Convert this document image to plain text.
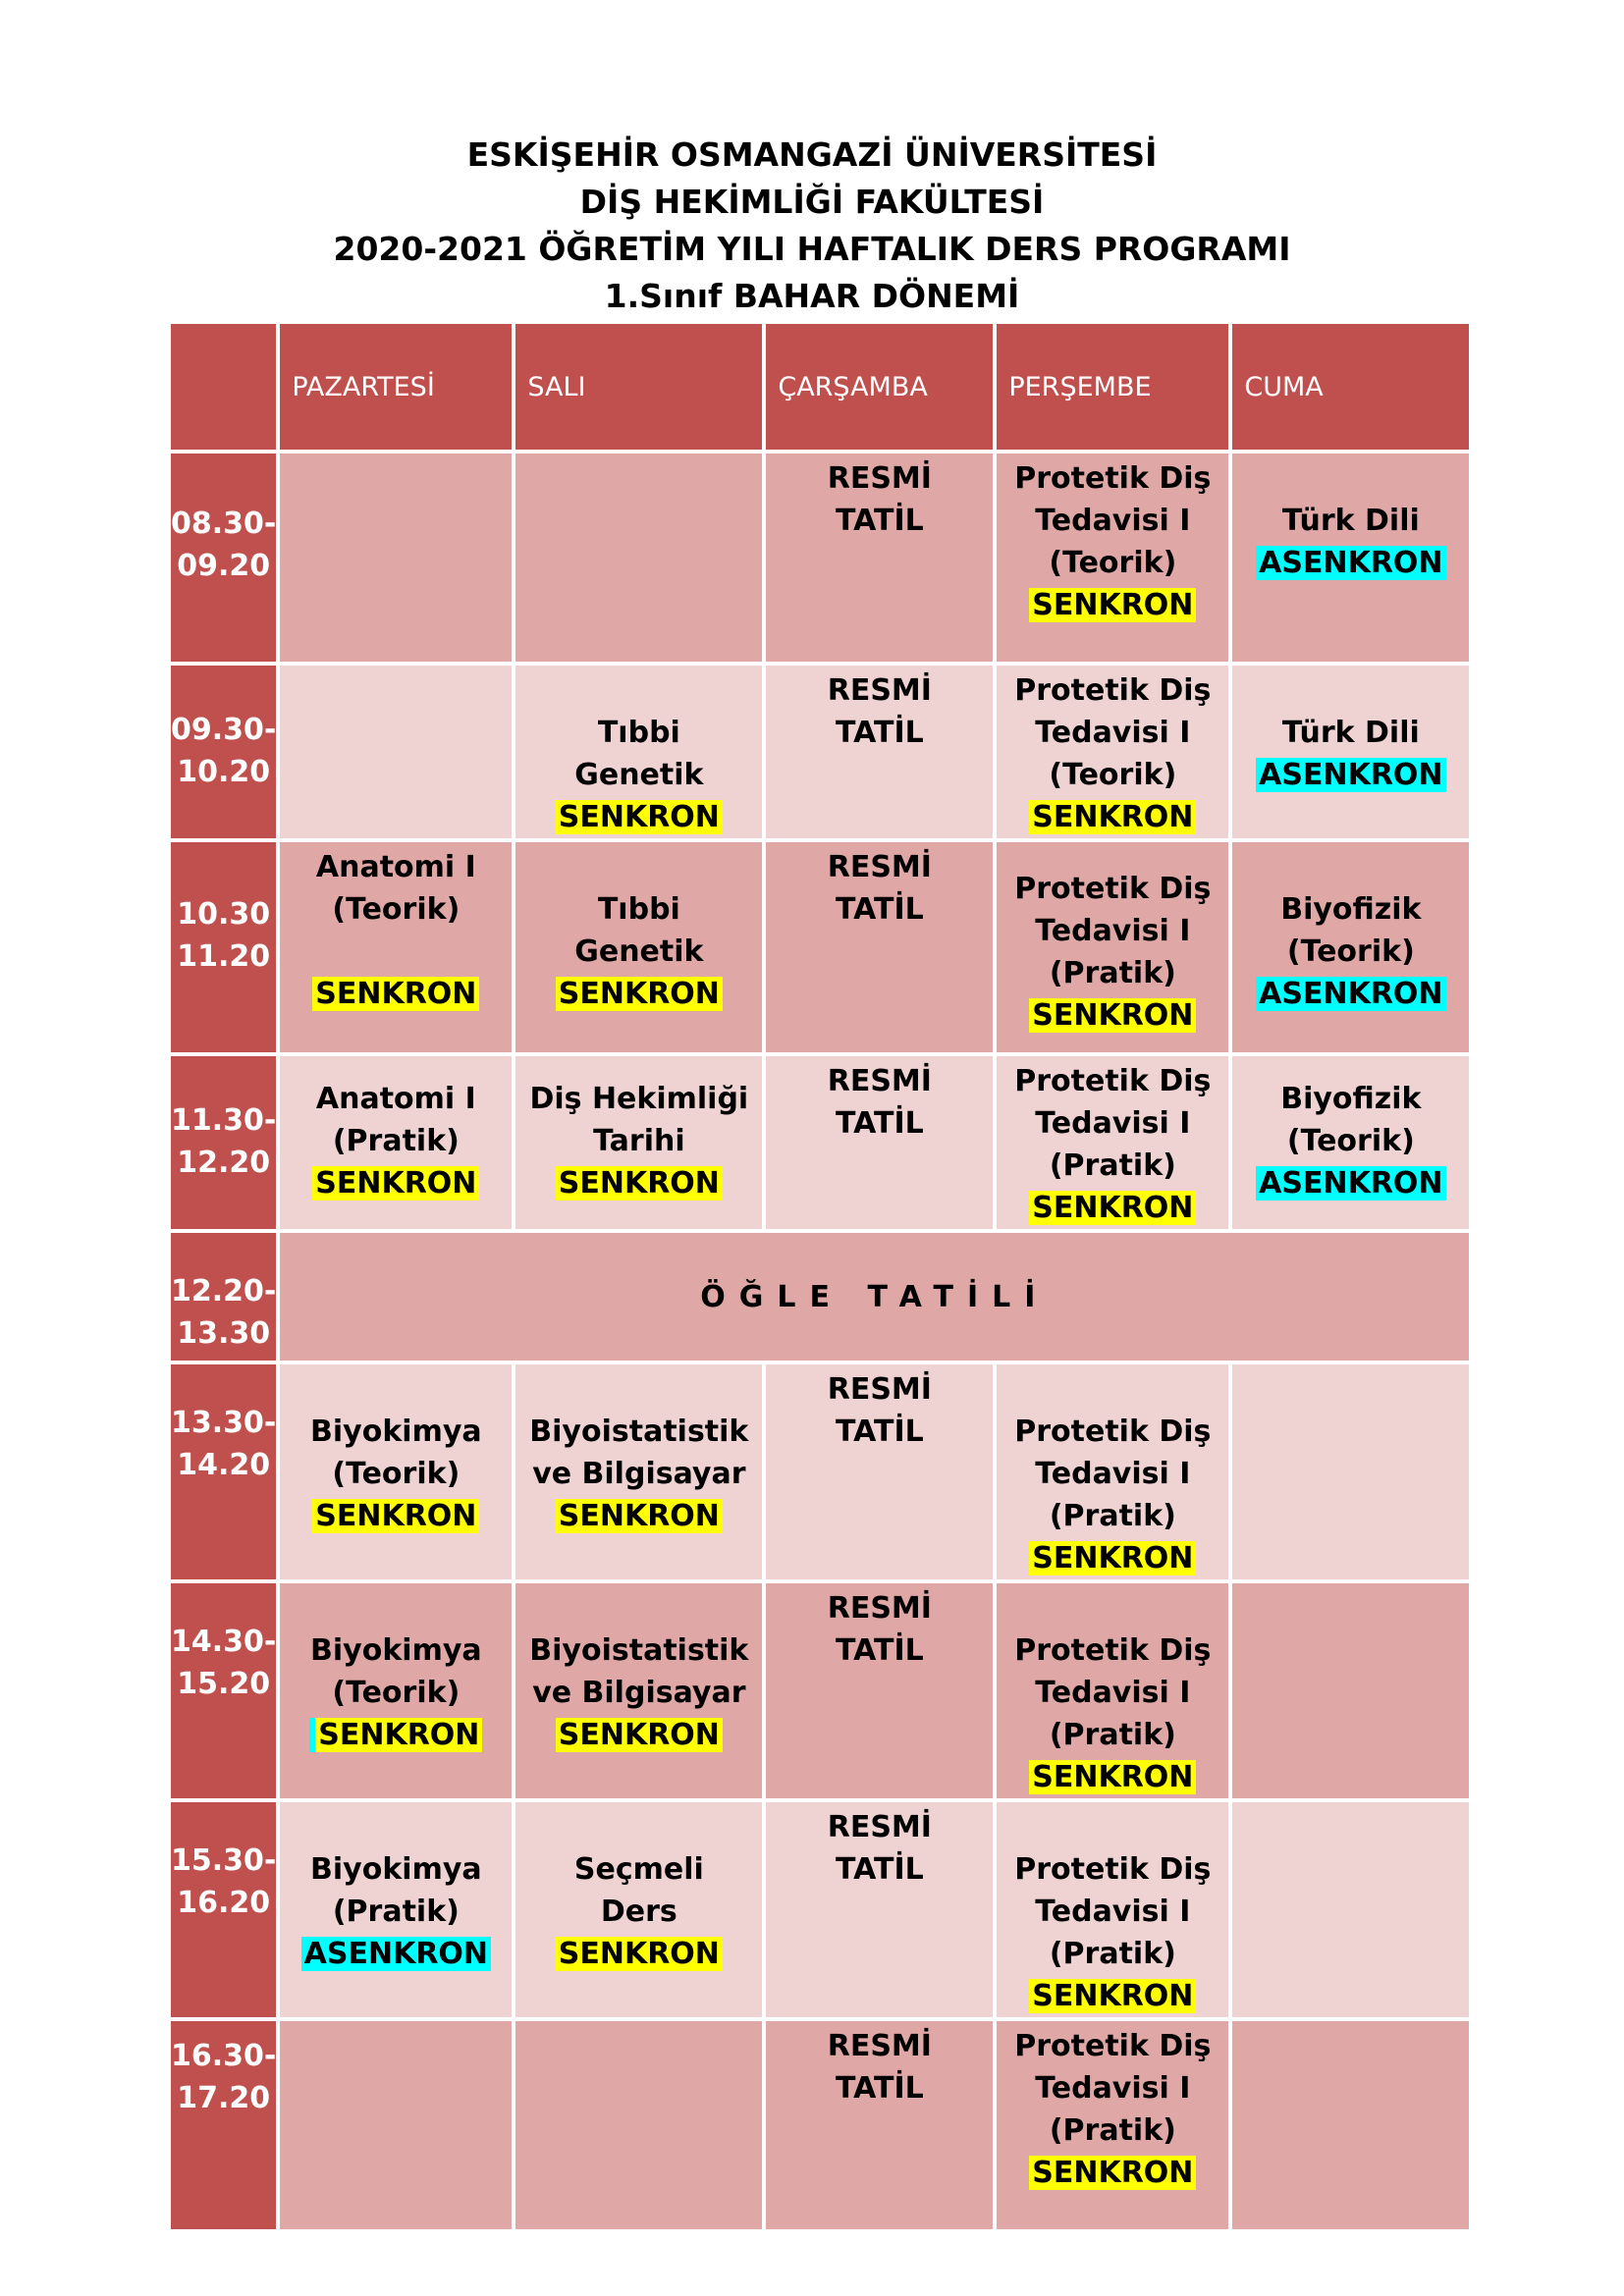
ESKİŞEHİR OSMANGAZİ ÜNİVERSİTESİ
DİŞ HEKİMLİĞİ FAKÜLTESİ
2020-2021 ÖĞRETİM YILI HAFTALIK DERS PROGRAMI
1.Sınıf BAHAR DÖNEMİ
	PAZARTESİ	SALI	ÇARŞAMBA	PERŞEMBE	CUMA

08.30-
09.20			RESMİ
TATİL	Protetik Diş
Tedavisi I
(Teorik)
SENKRON	Türk Dili
ASENKRON

09.30-
10.20		Tıbbi
Genetik
SENKRON	RESMİ
TATİL	Protetik Diş
Tedavisi I
(Teorik)
SENKRON	Türk Dili
ASENKRON

10.30
11.20	Anatomi I
(Teorik)

SENKRON	Tıbbi
Genetik
SENKRON	RESMİ
TATİL	Protetik Diş
Tedavisi I
(Pratik)
SENKRON	Biyofizik
(Teorik)
ASENKRON

11.30-
12.20	Anatomi I
(Pratik)
SENKRON	Diş Hekimliği
Tarihi
SENKRON	RESMİ
TATİL	Protetik Diş
Tedavisi I
(Pratik)
SENKRON	Biyofizik
(Teorik)
ASENKRON

12.20-
13.30	ÖĞLE TATİLİ				

13.30-
14.20	Biyokimya
(Teorik)
SENKRON	Biyoistatistik
ve Bilgisayar
SENKRON	RESMİ
TATİL	Protetik Diş
Tedavisi I
(Pratik)
SENKRON	

14.30-
15.20	Biyokimya
(Teorik)
SENKRON	Biyoistatistik
ve Bilgisayar
SENKRON	RESMİ
TATİL	Protetik Diş
Tedavisi I
(Pratik)
SENKRON	

15.30-
16.20	Biyokimya
(Pratik)
ASENKRON	Seçmeli
Ders
SENKRON	RESMİ
TATİL	Protetik Diş
Tedavisi I
(Pratik)
SENKRON	

16.30-
17.20			RESMİ
TATİL	Protetik Diş
Tedavisi I
(Pratik)
SENKRON	
